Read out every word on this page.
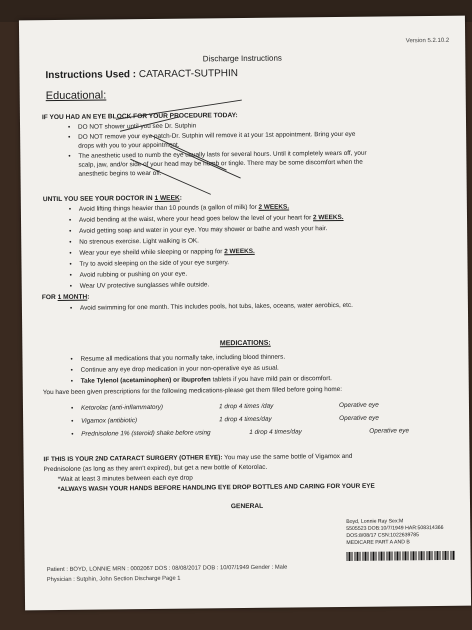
Version 5.2.10.2
Discharge Instructions
Instructions Used : CATARACT-SUTPHIN
Educational:
IF YOU HAD AN EYE BLOCK FOR YOUR PROCEDURE TODAY:
• DO NOT shower until you see Dr. Sutphin
• DO NOT remove your eye patch-Dr. Sutphin will remove it at your 1st appointment. Bring your eye
drops with you to your appointment.
• The anesthetic used to numb the eye usually lasts for several hours. Until it completely wears off, your
scalp, jaw, and/or side of your head may be numb or tingle. There may be some discomfort when the
anesthetic begins to wear off.
UNTIL YOU SEE YOUR DOCTOR IN 1 WEEK:
• Avoid lifting things heavier than 10 pounds (a gallon of milk) for 2 WEEKS.
• Avoid bending at the waist, where your head goes below the level of your heart for 2 WEEKS.
• Avoid getting soap and water in your eye. You may shower or bathe and wash your hair.
• No strenous exercise. Light walking is OK.
• Wear your eye sheild while sleeping or napping for 2 WEEKS.
• Try to avoid sleeping on the side of your eye surgery.
• Avoid rubbing or pushing on your eye.
• Wear UV protective sunglasses while outside.
FOR 1 MONTH:
• Avoid swimming for one month. This includes pools, hot tubs, lakes, oceans, water aerobics, etc.
MEDICATIONS:
• Resume all medications that you normally take, including blood thinners.
• Continue any eye drop medication in your non-operative eye as usual.
• Take Tylenol (acetaminophen) or ibuprofen tablets if you have mild pain or discomfort.
You have been given prescriptions for the following medications-please get them filled before going home:
• Ketorolac (anti-inflammatory)	1 drop 4 times /day	Operative eye
• Vigamox (antibiotic)	1 drop 4 times/day	Operative eye
• Prednisolone 1% (steroid) shake before using	1 drop 4 times/day	Operative eye
IF THIS IS YOUR 2ND CATARACT SURGERY (OTHER EYE): You may use the same bottle of Vigamox and
Prednisolone (as long as they aren't expired), but get a new bottle of Ketorolac.
*Wait at least 3 minutes between each eye drop
*ALWAYS WASH YOUR HANDS BEFORE HANDLING EYE DROP BOTTLES AND CARING FOR YOUR EYE
GENERAL
Boyd, Lonnie Ray Sex:M
5505523 DOB:10/7/1949 HAR:508314366
DOS:8/08/17 CSN:1022639785
MEDICARE PART A AND B
Patient : BOYD, LONNIE MRN : 0002067 DOS : 08/08/2017 DOB : 10/07/1949 Gender : Male
Physician : Sutphin, John Section Discharge Page 1
